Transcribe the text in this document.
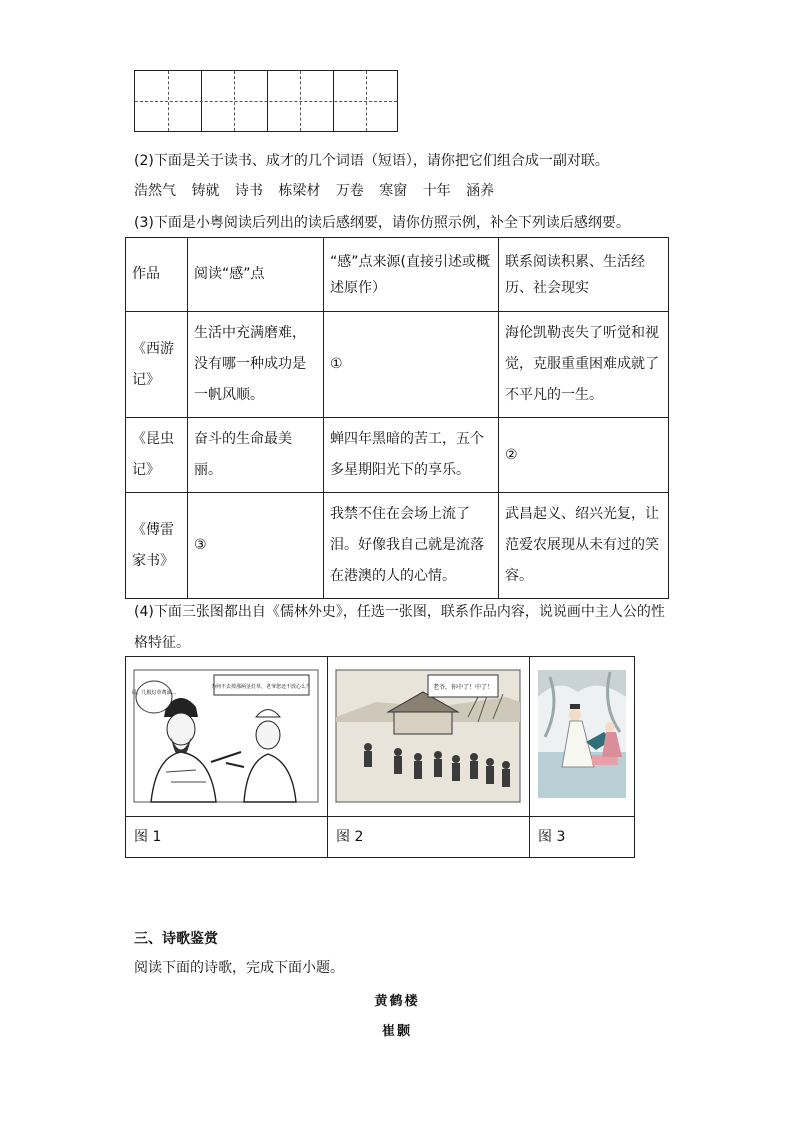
(2)下面是关于读书、成才的几个词语（短语），请你把它们组合成一副对联。
浩然气 铸就 诗书 栋梁材 万卷 寒窗 十年 涵养
(3)下面是小粤阅读后列出的读后感纲要，请你仿照示例，补全下列读后感纲要。
作品	阅读“感”点	“感”点来源(直接引述或概述原作）	联系阅读积累、生活经历、社会现实
《西游记》	生活中充满磨难，没有哪一种成功是一帆风顺。	①	海伦凯勒丧失了听觉和视觉，克服重重困难成就了不平凡的一生。
《昆虫记》	奋斗的生命最美丽。	蝉四年黑暗的苦工，五个多星期阳光下的享乐。	②
《傅雷家书》	③	我禁不住在会场上流了泪。好像我自己就是流落在港澳的人的心情。	武昌起义、绍兴光复，让范爱农展现从未有过的笑容。
(4)下面三张图都出自《儒林外史》，任选一张图，联系作品内容，说说画中主人公的性
格特征。
哥，几根灯草费油…
为何不去掉那两茎灯草，老爷您还不放心么？	老爷，你中了！中了！

图 1	图 2	图 3
三、诗歌鉴赏
阅读下面的诗歌，完成下面小题。
黄鹤楼
崔颢
